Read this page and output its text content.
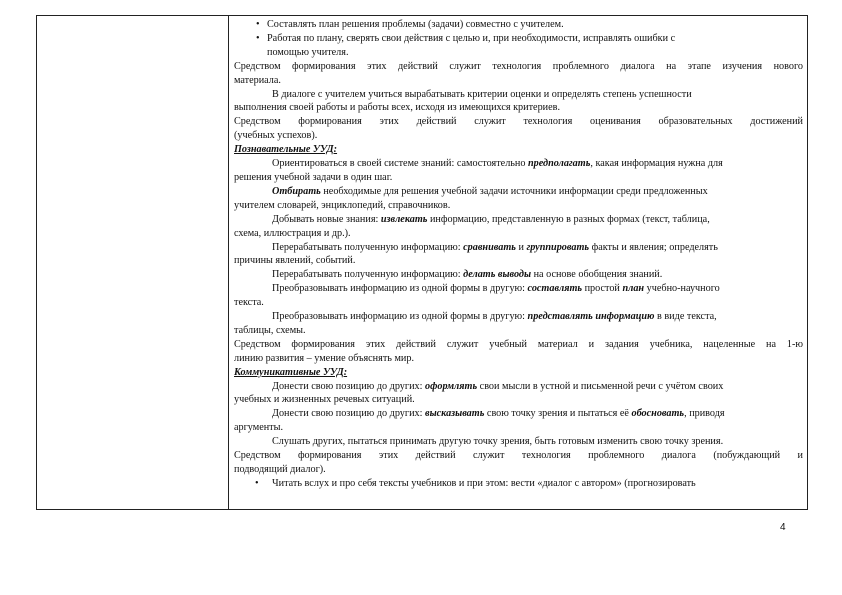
• Составлять план решения проблемы (задачи) совместно с учителем.
• Работая по плану, сверять свои действия с целью и, при необходимости, исправлять ошибки с
помощью учителя.

Средством формирования этих действий служит технология проблемного диалога на этапе изучения нового

материала.

В диалоге с учителем учиться вырабатывать критерии оценки и определять степень успешности

выполнения своей работы и работы всех, исходя из имеющихся критериев.

Средством формирования этих действий служит технология оценивания образовательных достижений

(учебных успехов).

Познавательные УУД:

Ориентироваться в своей системе знаний: самостоятельно предполагать, какая информация нужна для

решения учебной задачи в один шаг.

Отбирать необходимые для решения учебной задачи источники информации среди предложенных

учителем словарей, энциклопедий, справочников.

Добывать новые знания: извлекать информацию, представленную в разных формах (текст, таблица,

схема, иллюстрация и др.).

Перерабатывать полученную информацию: сравнивать и группировать факты и явления; определять

причины явлений, событий.

Перерабатывать полученную информацию: делать выводы на основе обобщения знаний.

Преобразовывать информацию из одной формы в другую: составлять простой план учебно-научного

текста.

Преобразовывать информацию из одной формы в другую: представлять информацию в виде текста,

таблицы, схемы.

Средством формирования этих действий служит учебный материал и задания учебника, нацеленные на 1-ю

линию развития – умение объяснять мир.

Коммуникативные УУД:

Донести свою позицию до других: оформлять свои мысли в устной и письменной речи с учётом своих

учебных и жизненных речевых ситуаций.

Донести свою позицию до других: высказывать свою точку зрения и пытаться её обосновать, приводя

аргументы.

Слушать других, пытаться принимать другую точку зрения, быть готовым изменить свою точку зрения.

Средством формирования этих действий служит технология проблемного диалога (побуждающий и

подводящий диалог).

• Читать вслух и про себя тексты учебников и при этом: вести «диалог с автором» (прогнозировать
4
